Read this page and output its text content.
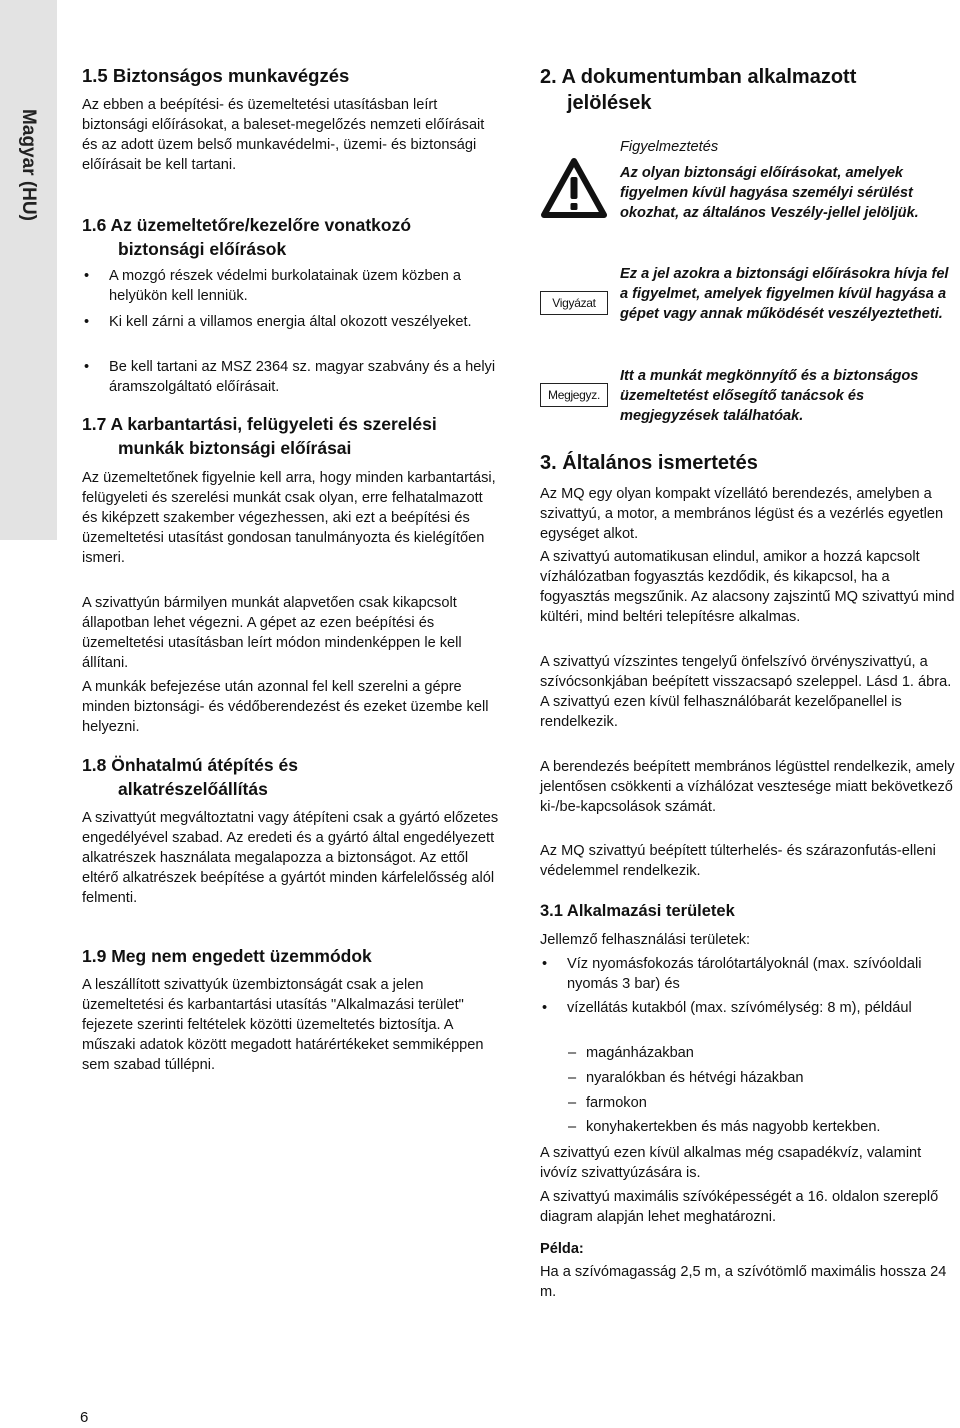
Magyar (HU)
1.5 Biztonságos munkavégzés
Az ebben a beépítési- és üzemeltetési utasításban leírt biztonsági előírásokat, a baleset-megelőzés nemzeti előírásait és az adott üzem belső munkavédelmi-, üzemi- és biztonsági előírásait be kell tartani.
1.6 Az üzemeltetőre/kezelőre vonatkozó
biztonsági előírások
• A mozgó részek védelmi burkolatainak üzem közben a helyükön kell lenniük.
• Ki kell zárni a villamos energia által okozott veszélyeket.
• Be kell tartani az MSZ 2364 sz. magyar szabvány és a helyi áramszolgáltató előírásait.
1.7 A karbantartási, felügyeleti és szerelési
munkák biztonsági előírásai
Az üzemeltetőnek figyelnie kell arra, hogy minden karbantartási, felügyeleti és szerelési munkát csak olyan, erre felhatalmazott és kiképzett szakember végezhessen, aki ezt a beépítési és üzemeltetési utasítást gondosan tanulmányozta és kielégítően ismeri.
A szivattyún bármilyen munkát alapvetően csak kikapcsolt állapotban lehet végezni. A gépet az ezen beépítési és üzemeltetési utasításban leírt módon mindenképpen le kell állítani.
A munkák befejezése után azonnal fel kell szerelni a gépre minden biztonsági- és védőberendezést és ezeket üzembe kell helyezni.
1.8 Önhatalmú átépítés és
alkatrészelőállítás
A szivattyút megváltoztatni vagy átépíteni csak a gyártó előzetes engedélyével szabad. Az eredeti és a gyártó által engedélyezett alkatrészek használata megalapozza a biztonságot. Az ettől eltérő alkatrészek beépítése a gyártót minden kárfelelősség alól felmenti.
1.9 Meg nem engedett üzemmódok
A leszállított szivattyúk üzembiztonságát csak a jelen üzemeltetési és karbantartási utasítás "Alkalmazási terület" fejezete szerinti feltételek közötti üzemeltetés biztosítja. A műszaki adatok között megadott határértékeket semmiképpen sem szabad túllépni.
2. A dokumentumban alkalmazott
jelölések
Figyelmeztetés
Az olyan biztonsági előírásokat, amelyek figyelmen kívül hagyása személyi sérülést okozhat, az általános Veszély-jellel jelöljük.
Vigyázat
Ez a jel azokra a biztonsági előírásokra hívja fel a figyelmet, amelyek figyelmen kívül hagyása a gépet vagy annak működését veszélyeztetheti.
Megjegyz.
Itt a munkát megkönnyítő és a biztonságos üzemeltetést elősegítő tanácsok és megjegyzések találhatóak.
3. Általános ismertetés
Az MQ egy olyan kompakt vízellátó berendezés, amelyben a szivattyú, a motor, a membrános légüst és a vezérlés egyetlen egységet alkot.
A szivattyú automatikusan elindul, amikor a hozzá kapcsolt vízhálózatban fogyasztás kezdődik, és kikapcsol, ha a fogyasztás megszűnik. Az alacsony zajszintű MQ szivattyú mind kültéri, mind beltéri telepítésre alkalmas.
A szivattyú vízszintes tengelyű önfelszívó örvényszivattyú, a szívócsonkjában beépített visszacsapó szeleppel. Lásd 1. ábra. A szivattyú ezen kívül felhasználóbarát kezelőpanellel is rendelkezik.
A berendezés beépített membrános légüsttel rendelkezik, amely jelentősen csökkenti a vízhálózat vesztesége miatt bekövetkező ki-/be-kapcsolások számát.
Az MQ szivattyú beépített túlterhelés- és szárazonfutás-elleni védelemmel rendelkezik.
3.1 Alkalmazási területek
Jellemző felhasználási területek:
• Víz nyomásfokozás tárolótartályoknál (max. szívóoldali nyomás 3 bar) és
• vízellátás kutakból (max. szívómélység: 8 m), például
– magánházakban
– nyaralókban és hétvégi házakban
– farmokon
– konyhakertekben és más nagyobb kertekben.
A szivattyú ezen kívül alkalmas még csapadékvíz, valamint ivóvíz szivattyúzására is.
A szivattyú maximális szívóképességét a 16. oldalon szereplő diagram alapján lehet meghatározni.
Példa:
Ha a szívómagasság 2,5 m, a szívótömlő maximális hossza 24 m.
6
